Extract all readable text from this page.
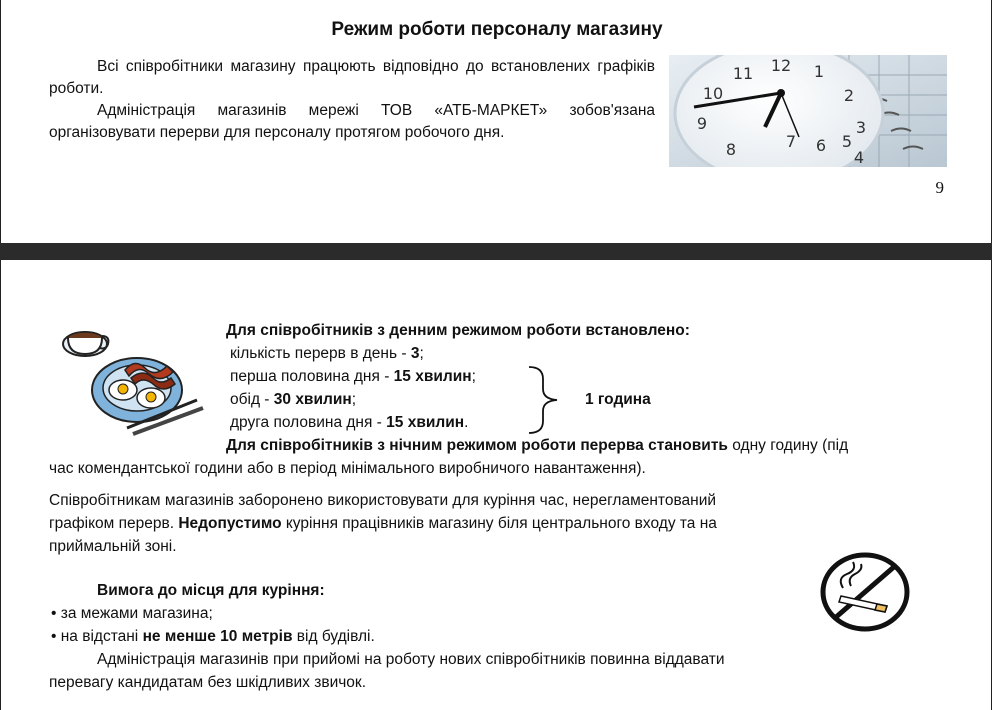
Режим роботи персоналу магазину
Всі співробітники магазину працюють відповідно до встановлених графіків роботи.
Адміністрація магазинів мережі ТОВ «АТБ-МАРКЕТ» зобов'язана організовувати перерви для персоналу протягом робочого дня.
12 1
2
3
9
8	7 6 5
4
10
11
9
Для співробітників з денним режимом роботи встановлено:
кількість перерв в день - 3;
перша половина дня - 15 хвилин;
обід - 30 хвилин;
друга половина дня - 15 хвилин.
1 година
Для співробітників з нічним режимом роботи перерва становить одну годину (під
час комендантської години або в період мінімального виробничого навантаження).
Співробітникам магазинів заборонено використовувати для куріння час, нерегламентований
графіком перерв. Недопустимо куріння працівників магазину біля центрального входу та на
приймальній зоні.
Вимога до місця для куріння:
• за межами магазина;
• на відстані не менше 10 метрів від будівлі.
Адміністрація магазинів при прийомі на роботу нових співробітників повинна віддавати
перевагу кандидатам без шкідливих звичок.
